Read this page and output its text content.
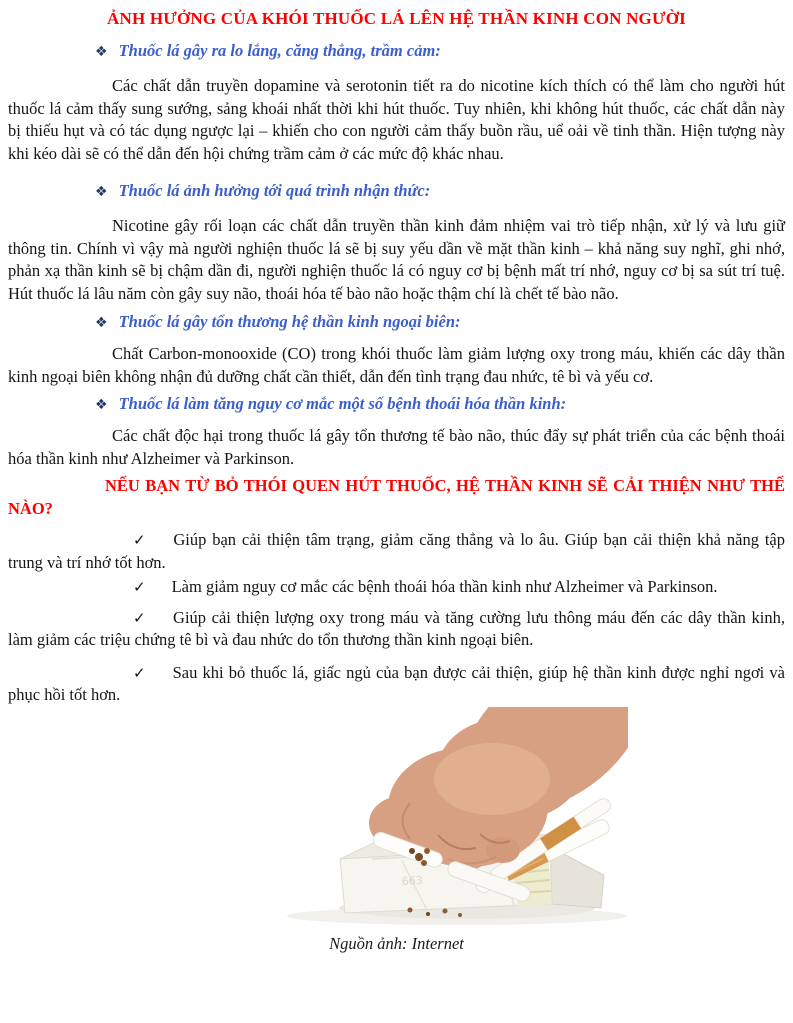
ẢNH HƯỞNG CỦA KHÓI THUỐC LÁ LÊN HỆ THẦN KINH CON NGƯỜI
❖ Thuốc lá gây ra lo lắng, căng thẳng, trầm cảm:

Các chất dẫn truyền dopamine và serotonin tiết ra do nicotine kích thích có thể làm cho người hút thuốc lá cảm thấy sung sướng, sảng khoái nhất thời khi hút thuốc. Tuy nhiên, khi không hút thuốc, các chất dẫn này bị thiếu hụt và có tác dụng ngược lại – khiến cho con người cảm thấy buồn rầu, uể oải về tinh thần. Hiện tượng này khi kéo dài sẽ có thể dẫn đến hội chứng trầm cảm ở các mức độ khác nhau.

❖ Thuốc lá ảnh hưởng tới quá trình nhận thức:

Nicotine gây rối loạn các chất dẫn truyền thần kinh đảm nhiệm vai trò tiếp nhận, xử lý và lưu giữ thông tin. Chính vì vậy mà người nghiện thuốc lá sẽ bị suy yếu dần về mặt thần kinh – khả năng suy nghĩ, ghi nhớ, phản xạ thần kinh sẽ bị chậm dần đi, người nghiện thuốc lá có nguy cơ bị bệnh mất trí nhớ, nguy cơ bị sa sút trí tuệ. Hút thuốc lá lâu năm còn gây suy não, thoái hóa tế bào não hoặc thậm chí là chết tế bào não.

❖ Thuốc lá gây tổn thương hệ thần kinh ngoại biên:

Chất Carbon-monooxide (CO) trong khói thuốc làm giảm lượng oxy trong máu, khiến các dây thần kinh ngoại biên không nhận đủ dưỡng chất cần thiết, dẫn đến tình trạng đau nhức, tê bì và yếu cơ.

❖ Thuốc lá làm tăng nguy cơ mắc một số bệnh thoái hóa thần kinh:

Các chất độc hại trong thuốc lá gây tổn thương tế bào não, thúc đẩy sự phát triển của các bệnh thoái hóa thần kinh như Alzheimer và Parkinson.

NẾU BẠN TỪ BỎ THÓI QUEN HÚT THUỐC, HỆ THẦN KINH SẼ CẢI THIỆN NHƯ THẾ NÀO?

✓ Giúp bạn cải thiện tâm trạng, giảm căng thẳng và lo âu. Giúp bạn cải thiện khả năng tập trung và trí nhớ tốt hơn.

✓ Làm giảm nguy cơ mắc các bệnh thoái hóa thần kinh như Alzheimer và Parkinson.

✓ Giúp cải thiện lượng oxy trong máu và tăng cường lưu thông máu đến các dây thần kinh, làm giảm các triệu chứng tê bì và đau nhức do tổn thương thần kinh ngoại biên.

✓ Sau khi bỏ thuốc lá, giấc ngủ của bạn được cải thiện, giúp hệ thần kinh được nghỉ ngơi và phục hồi tốt hơn.

663

Nguồn ảnh: Internet
